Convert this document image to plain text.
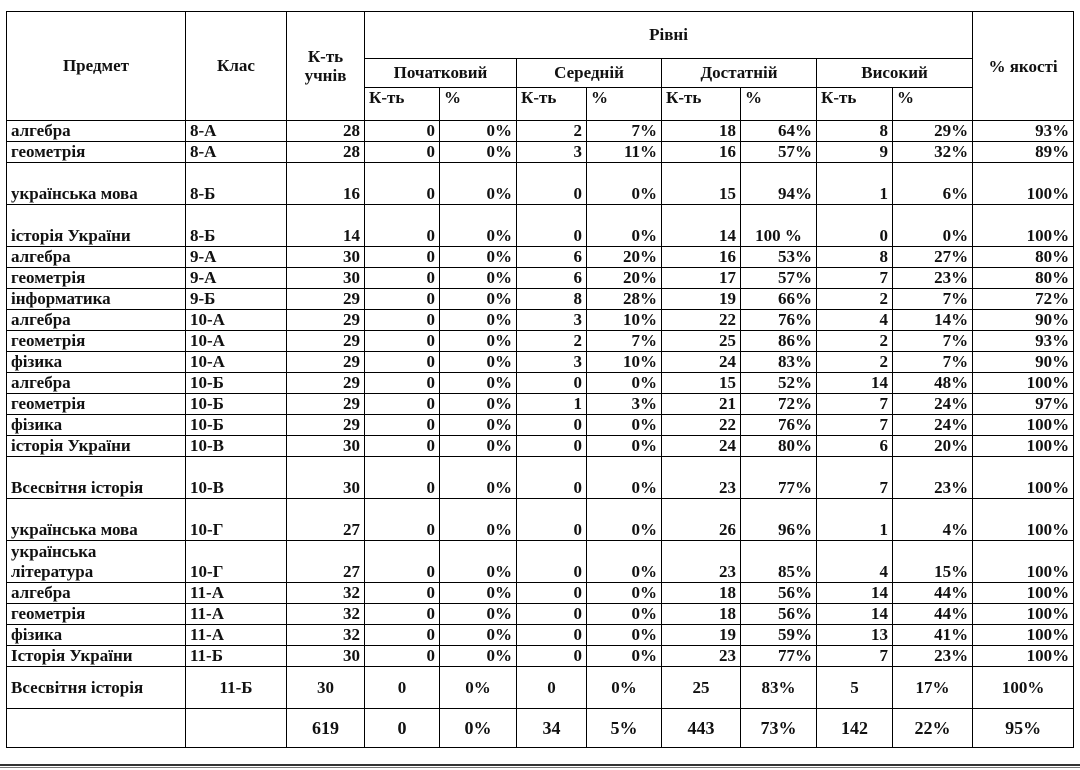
Предмет	Клас	К-ть учнів	Рівні								% якості
			Початковий		Середній		Достатній		Високий		
			К-ть	%	К-ть	%	К-ть	%	К-ть	%	
алгебра	8-А	28	0	0%	2	7%	18	64%	8	29%	93%
геометрія	8-А	28	0	0%	3	11%	16	57%	9	32%	89%
українська мова	8-Б	16	0	0%	0	0%	15	94%	1	6%	100%
історія України	8-Б	14	0	0%	0	0%	14	100 %	0	0%	100%
алгебра	9-А	30	0	0%	6	20%	16	53%	8	27%	80%
геометрія	9-А	30	0	0%	6	20%	17	57%	7	23%	80%
інформатика	9-Б	29	0	0%	8	28%	19	66%	2	7%	72%
алгебра	10-А	29	0	0%	3	10%	22	76%	4	14%	90%
геометрія	10-А	29	0	0%	2	7%	25	86%	2	7%	93%
фізика	10-А	29	0	0%	3	10%	24	83%	2	7%	90%
алгебра	10-Б	29	0	0%	0	0%	15	52%	14	48%	100%
геометрія	10-Б	29	0	0%	1	3%	21	72%	7	24%	97%
фізика	10-Б	29	0	0%	0	0%	22	76%	7	24%	100%
історія України	10-В	30	0	0%	0	0%	24	80%	6	20%	100%
Всесвітня історія	10-В	30	0	0%	0	0%	23	77%	7	23%	100%
українська мова	10-Г	27	0	0%	0	0%	26	96%	1	4%	100%
українська література	10-Г	27	0	0%	0	0%	23	85%	4	15%	100%
алгебра	11-А	32	0	0%	0	0%	18	56%	14	44%	100%
геометрія	11-А	32	0	0%	0	0%	18	56%	14	44%	100%
фізика	11-А	32	0	0%	0	0%	19	59%	13	41%	100%
Історія України	11-Б	30	0	0%	0	0%	23	77%	7	23%	100%
Всесвітня історія	11-Б	30	0	0%	0	0%	25	83%	5	17%	100%
		619	0	0%	34	5%	443	73%	142	22%	95%
